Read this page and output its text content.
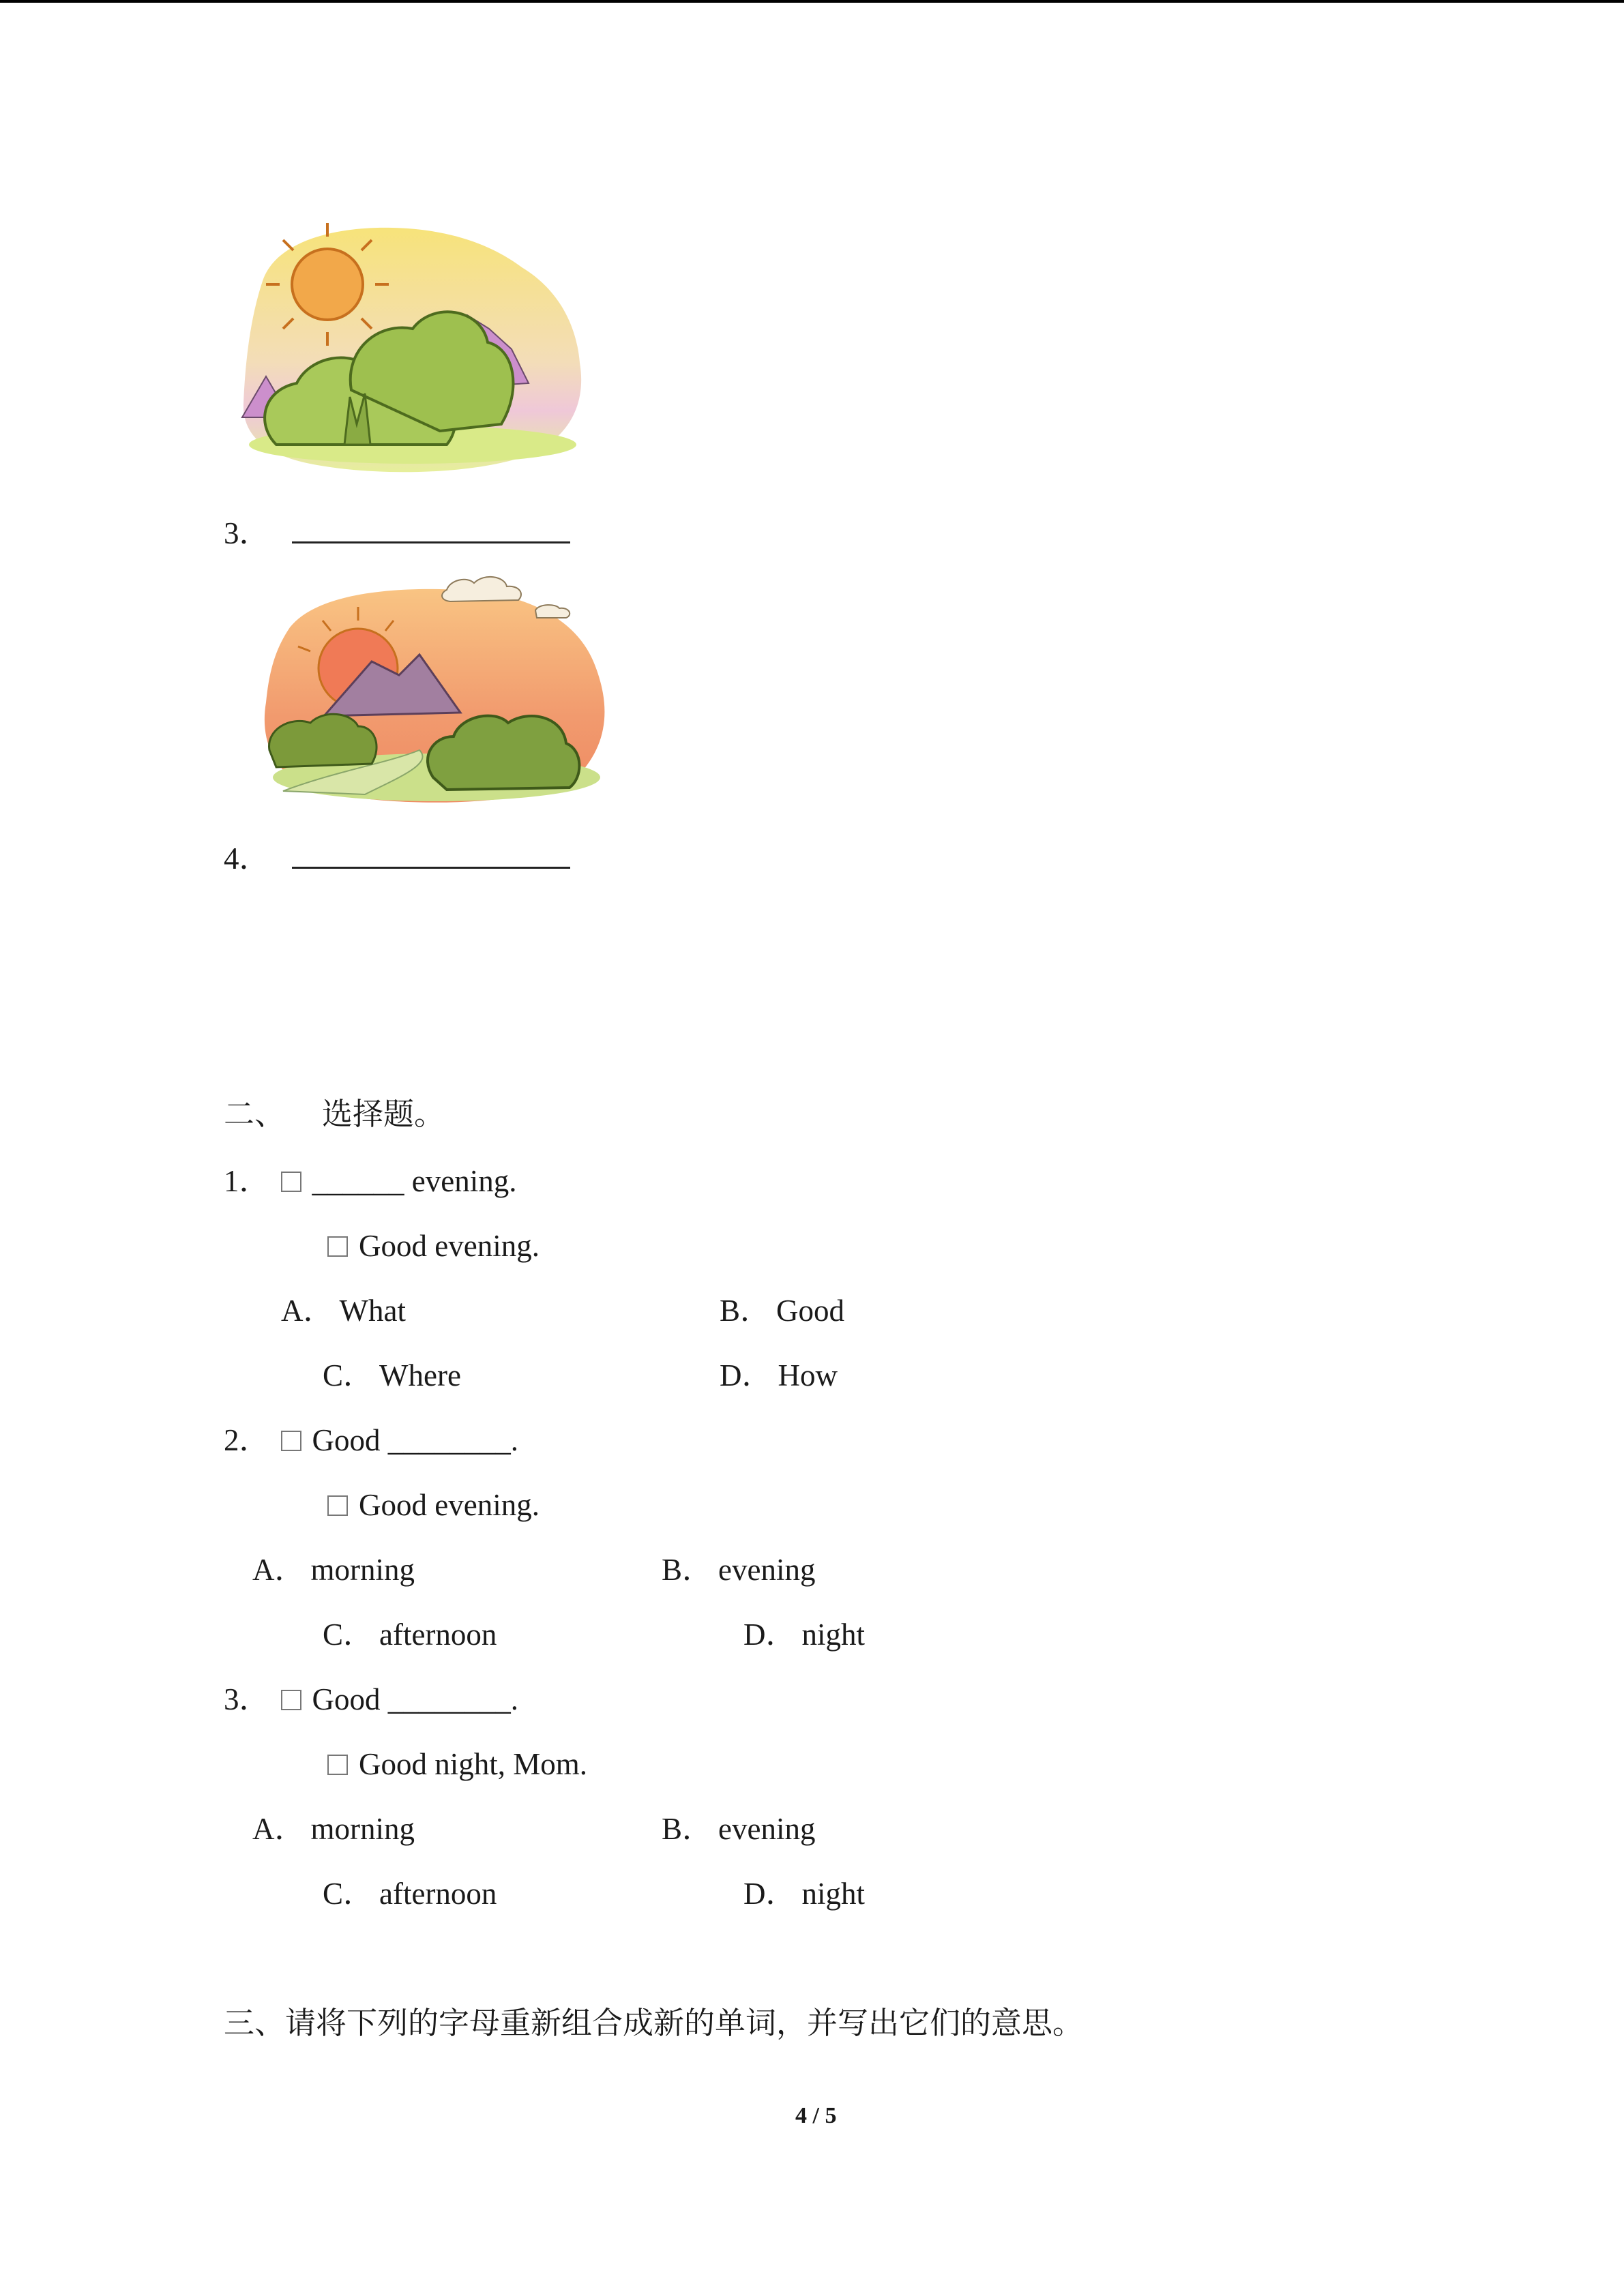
3．
4．
二、 选择题。
1． ______ evening.
Good evening.
A． What	B． Good
C． Where	D． How
2． Good ________.
Good evening.
A． morning	B． evening
C． afternoon	D． night
3． Good ________.
Good night, Mom.
A． morning	B． evening
C． afternoon	D． night
三、请将下列的字母重新组合成新的单词，并写出它们的意思。
4 / 5
